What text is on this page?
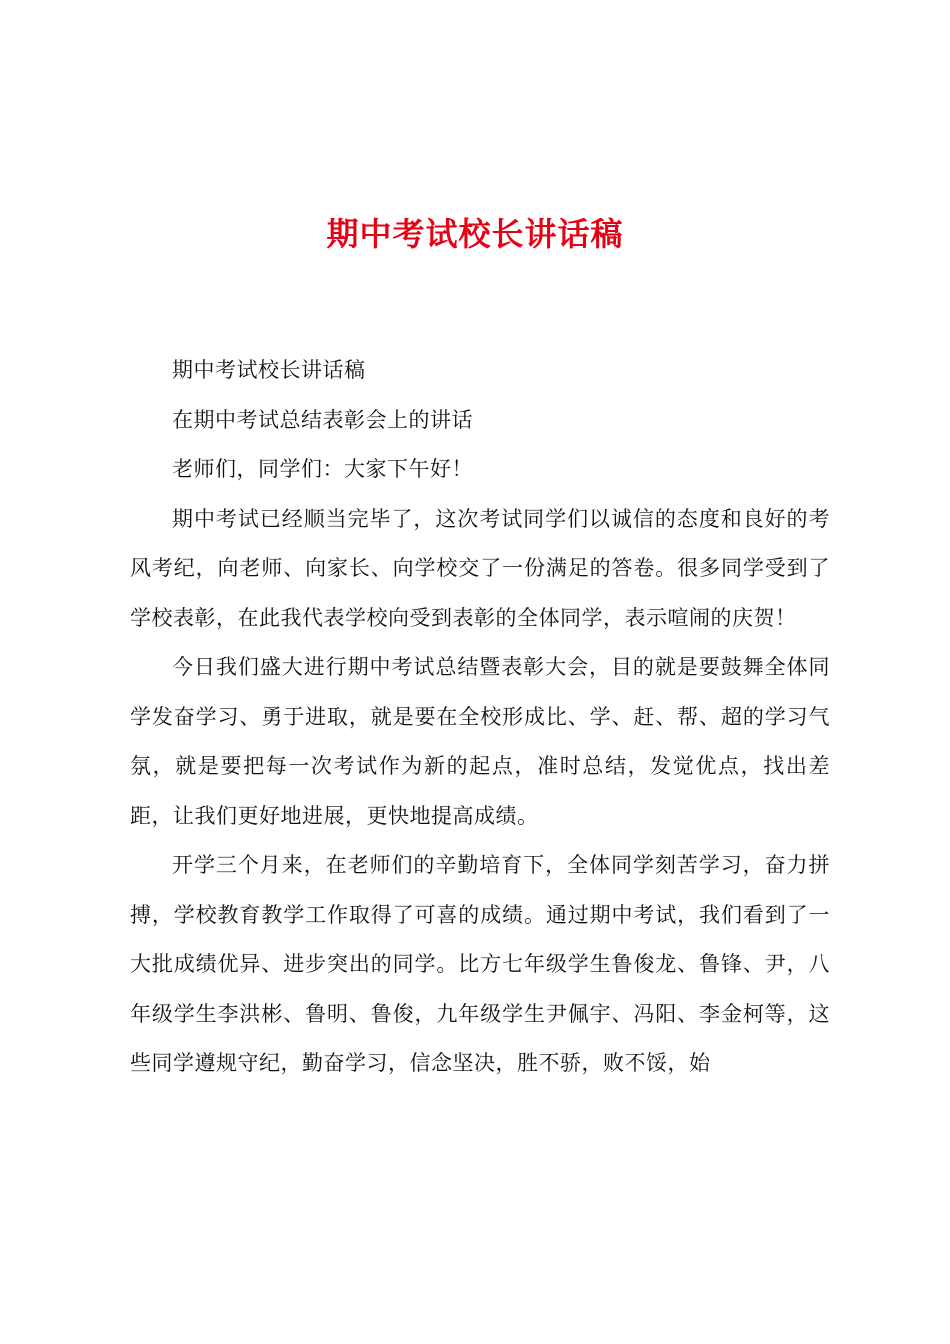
期中考试校长讲话稿

期中考试校长讲话稿

在期中考试总结表彰会上的讲话

老师们，同学们：大家下午好！

期中考试已经顺当完毕了，这次考试同学们以诚信的态度和良好的考风考纪，向老师、向家长、向学校交了一份满足的答卷。很多同学受到了学校表彰，在此我代表学校向受到表彰的全体同学，表示喧闹的庆贺！

今日我们盛大进行期中考试总结暨表彰大会，目的就是要鼓舞全体同学发奋学习、勇于进取，就是要在全校形成比、学、赶、帮、超的学习气氛，就是要把每一次考试作为新的起点，准时总结，发觉优点，找出差距，让我们更好地进展，更快地提高成绩。

开学三个月来，在老师们的辛勤培育下，全体同学刻苦学习，奋力拼搏，学校教育教学工作取得了可喜的成绩。通过期中考试，我们看到了一大批成绩优异、进步突出的同学。比方七年级学生鲁俊龙、鲁锋、尹，八年级学生李洪彬、鲁明、鲁俊，九年级学生尹佩宇、冯阳、李金柯等，这些同学遵规守纪，勤奋学习，信念坚决，胜不骄，败不馁，始
